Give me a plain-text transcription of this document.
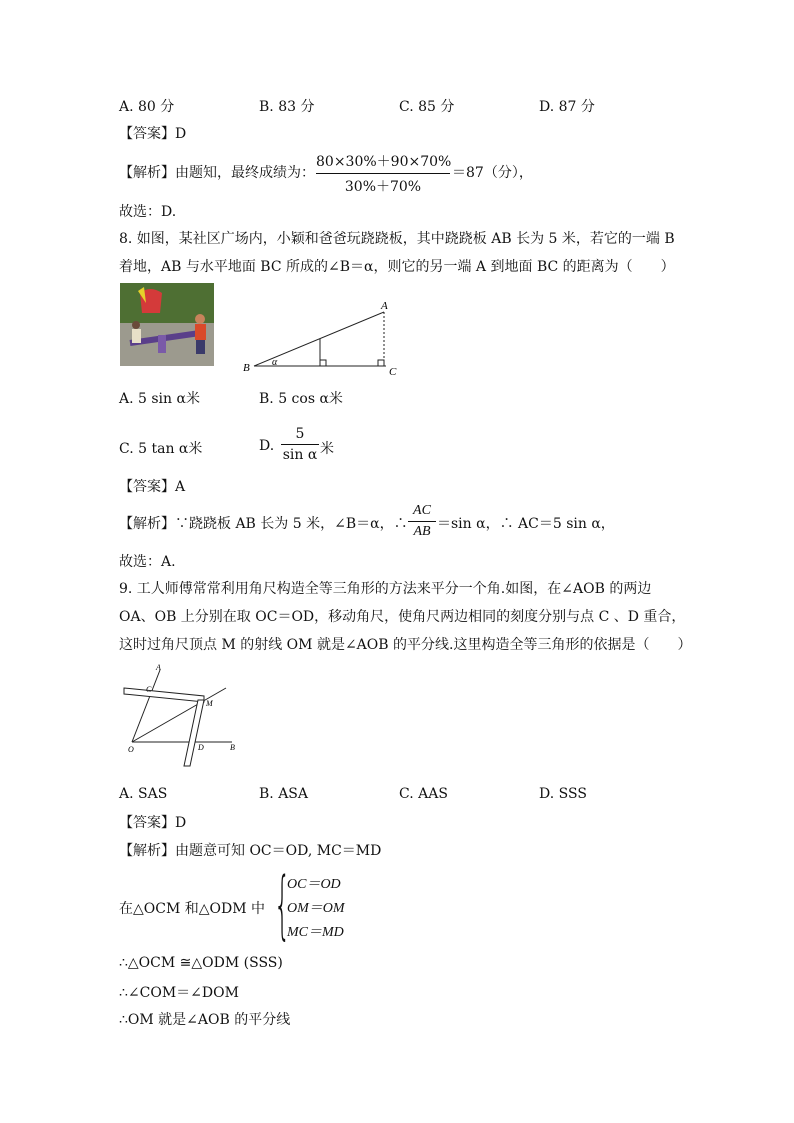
A. 80 分	B. 83 分	C. 85 分	D. 87 分
【答案】D
【解析】由题知，最终成绩为：
80×30%＋90×70%
30%＋70%
＝87（分），
故选：D.
8. 如图，某社区广场内，小颖和爸爸玩跷跷板，其中跷跷板 AB 长为 5 米，若它的一端 B
着地，AB 与水平地面 BC 所成的∠B＝α，则它的另一端 A 到地面 BC 的距离为（　　）
A
B	C
α
A. 5 sin α米	B. 5 cos α米
C. 5 tan α米	D.
5
sin α 米
【答案】A
【解析】∵跷跷板 AB 长为 5 米，∠B＝α，∴
AC
AB ＝sin α，∴ AC＝5 sin α，
故选：A.
9. 工人师傅常常利用角尺构造全等三角形的方法来平分一个角.如图，在∠AOB 的两边
OA、OB 上分别在取 OC＝OD，移动角尺，使角尺两边相同的刻度分别与点 C 、D 重合，
这时过角尺顶点 M 的射线 OM 就是∠AOB 的平分线.这里构造全等三角形的依据是（　　）
A
C
M
O	D	B
A. SAS	B. ASA	C. AAS	D. SSS
【答案】D
【解析】由题意可知 OC＝OD, MC＝MD
在△OCM 和△ODM 中 {
OC＝OD
OM＝OM
MC＝MD
∴△OCM ≅△ODM (SSS)
∴∠COM＝∠DOM
∴OM 就是∠AOB 的平分线
